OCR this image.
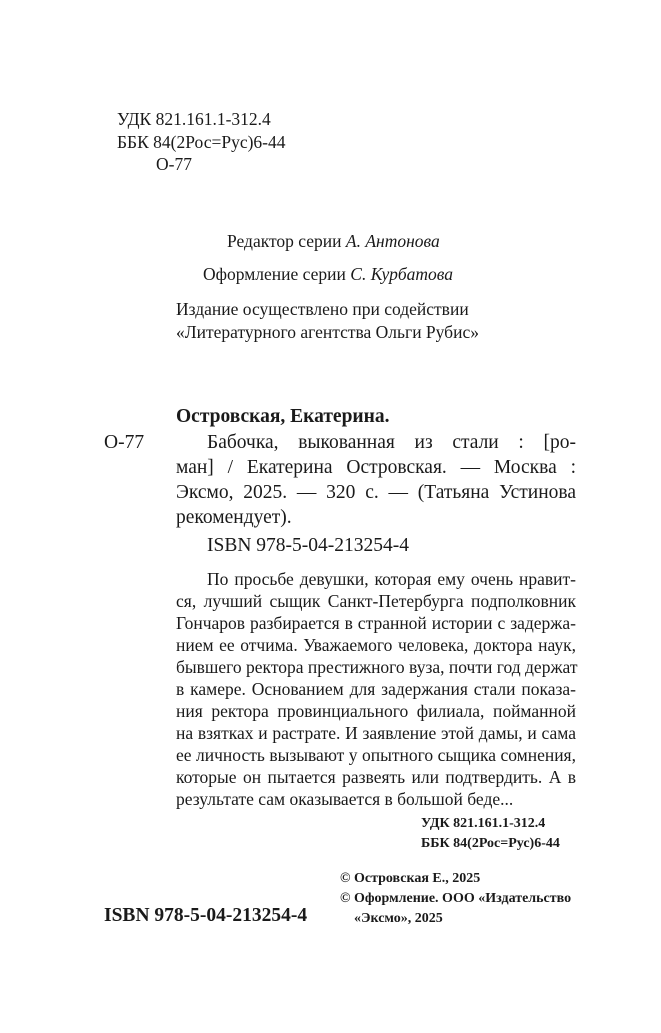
УДК 821.161.1-312.4
ББК 84(2Рос=Рус)6-44
О-77
Редактор серии А. Антонова
Оформление серии С. Курбатова
Издание осуществлено при содействии
«Литературного агентства Ольги Рубис»
Островская, Екатерина.
О-77	Бабочка, выкованная из стали : [ро-
ман] / Екатерина Островская. — Москва :
Эксмо, 2025. — 320 с. — (Татьяна Устинова
рекомендует).
ISBN 978-5-04-213254-4
По просьбе девушки, которая ему очень нравит-
ся, лучший сыщик Санкт-Петербурга подполковник
Гончаров разбирается в странной истории с задержа-
нием ее отчима. Уважаемого человека, доктора наук,
бывшего ректора престижного вуза, почти год держат
в камере. Основанием для задержания стали показа-
ния ректора провинциального филиала, пойманной
на взятках и растрате. И заявление этой дамы, и сама
ее личность вызывают у опытного сыщика сомнения,
которые он пытается развеять или подтвердить. А в
результате сам оказывается в большой беде...
УДК 821.161.1-312.4
ББК 84(2Рос=Рус)6-44
ISBN 978-5-04-213254-4
© Островская Е., 2025
© Оформление. ООО «Издательство
«Эксмо», 2025
